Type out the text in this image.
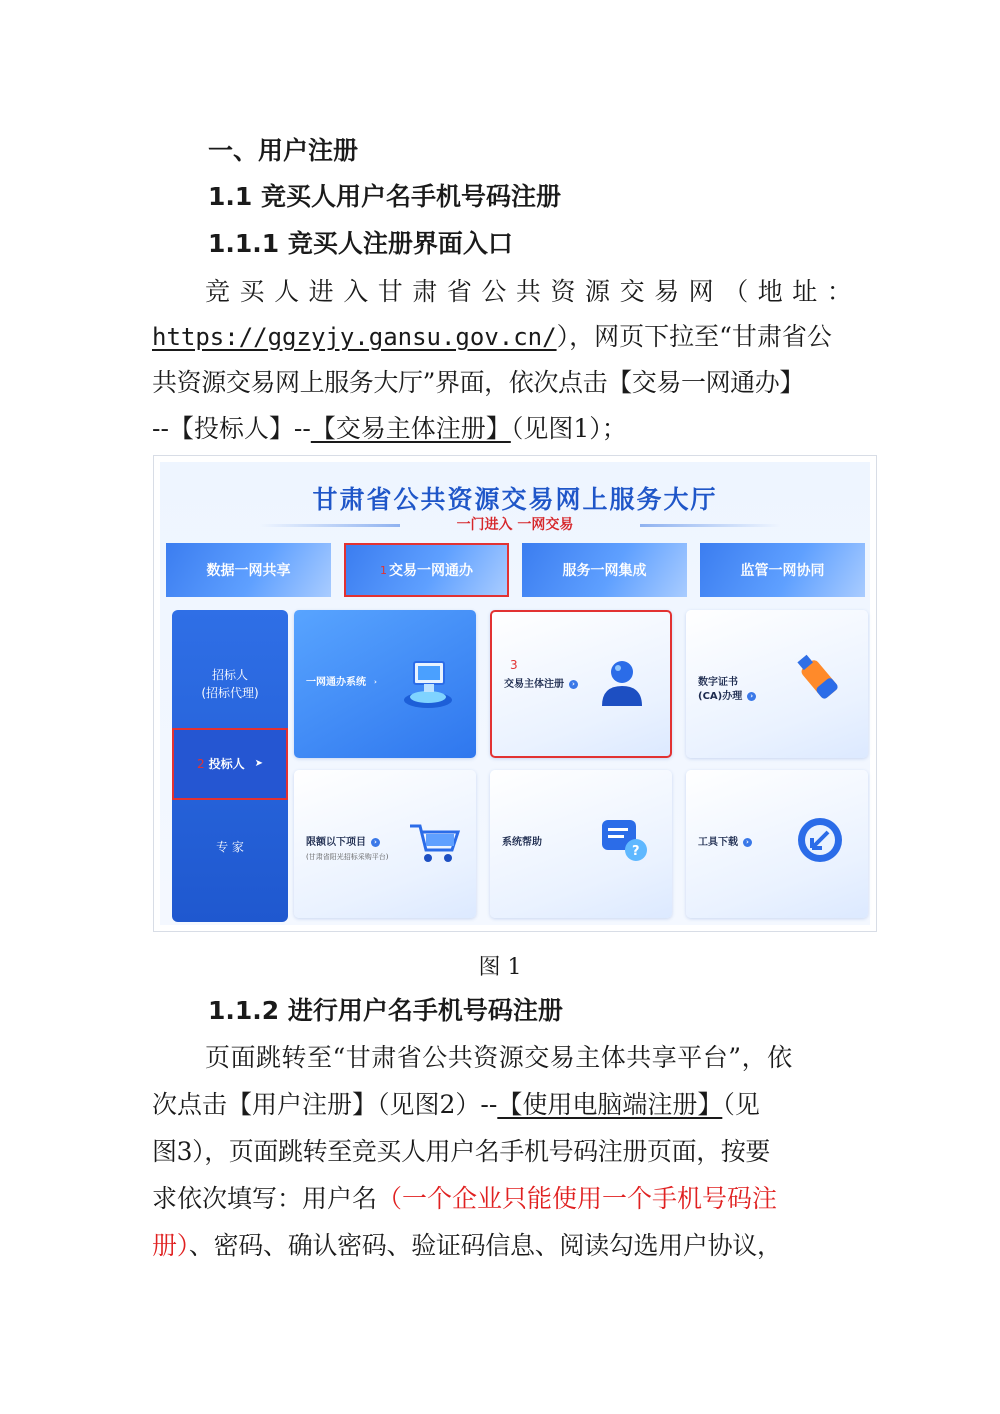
一、用户注册
1.1 竞买人用户名手机号码注册
1.1.1 竞买人注册界面入口
竞 买 人 进 入 甘 肃 省 公 共 资 源 交 易 网 （ 地 址 ：
https://ggzyjy.gansu.gov.cn/），网页下拉至“甘肃省公
共资源交易网上服务大厅”界面，依次点击【交易一网通办】
--【投标人】--【交易主体注册】（见图1）；
甘肃省公共资源交易网上服务大厅
一门进入 一网交易
数据一网共享	1 交易一网通办	服务一网集成	监管一网协同
招标人
(招标代理)
2 投标人 ➤
专 家
一网通办系统 ›
3
交易主体注册 ›	数字证书
(CA)办理 ›
限额以下项目 ›
(甘肃省阳光招标采购平台)
系统帮助
?
工具下载 ›
图 1
1.1.2 进行用户名手机号码注册
页面跳转至“甘肃省公共资源交易主体共享平台”，依
次点击【用户注册】（见图2）--【使用电脑端注册】（见
图3），页面跳转至竞买人用户名手机号码注册页面，按要
求依次填写：用户名（一个企业只能使用一个手机号码注
册）、密码、确认密码、验证码信息、阅读勾选用户协议，
